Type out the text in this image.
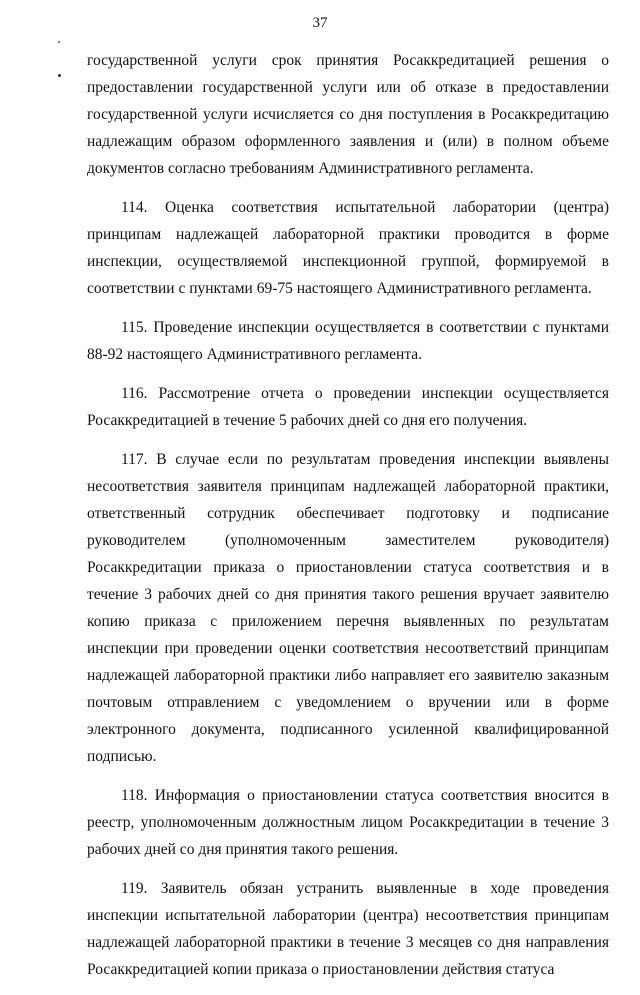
37

государственной услуги срок принятия Росаккредитацией решения о предоставлении государственной услуги или об отказе в предоставлении государственной услуги исчисляется со дня поступления в Росаккредитацию надлежащим образом оформленного заявления и (или) в полном объеме документов согласно требованиям Административного регламента.

114. Оценка соответствия испытательной лаборатории (центра) принципам надлежащей лабораторной практики проводится в форме инспекции, осуществляемой инспекционной группой, формируемой в соответствии с пунктами 69-75 настоящего Административного регламента.

115. Проведение инспекции осуществляется в соответствии с пунктами 88-92 настоящего Административного регламента.

116. Рассмотрение отчета о проведении инспекции осуществляется Росаккредитацией в течение 5 рабочих дней со дня его получения.

117. В случае если по результатам проведения инспекции выявлены несоответствия заявителя принципам надлежащей лабораторной практики, ответственный сотрудник обеспечивает подготовку и подписание руководителем (уполномоченным заместителем руководителя) Росаккредитации приказа о приостановлении статуса соответствия и в течение 3 рабочих дней со дня принятия такого решения вручает заявителю копию приказа с приложением перечня выявленных по результатам инспекции при проведении оценки соответствия несоответствий принципам надлежащей лабораторной практики либо направляет его заявителю заказным почтовым отправлением с уведомлением о вручении или в форме электронного документа, подписанного усиленной квалифицированной подписью.

118. Информация о приостановлении статуса соответствия вносится в реестр, уполномоченным должностным лицом Росаккредитации в течение 3 рабочих дней со дня принятия такого решения.

119. Заявитель обязан устранить выявленные в ходе проведения инспекции испытательной лаборатории (центра) несоответствия принципам надлежащей лабораторной практики в течение 3 месяцев со дня направления Росаккредитацией копии приказа о приостановлении действия статуса
